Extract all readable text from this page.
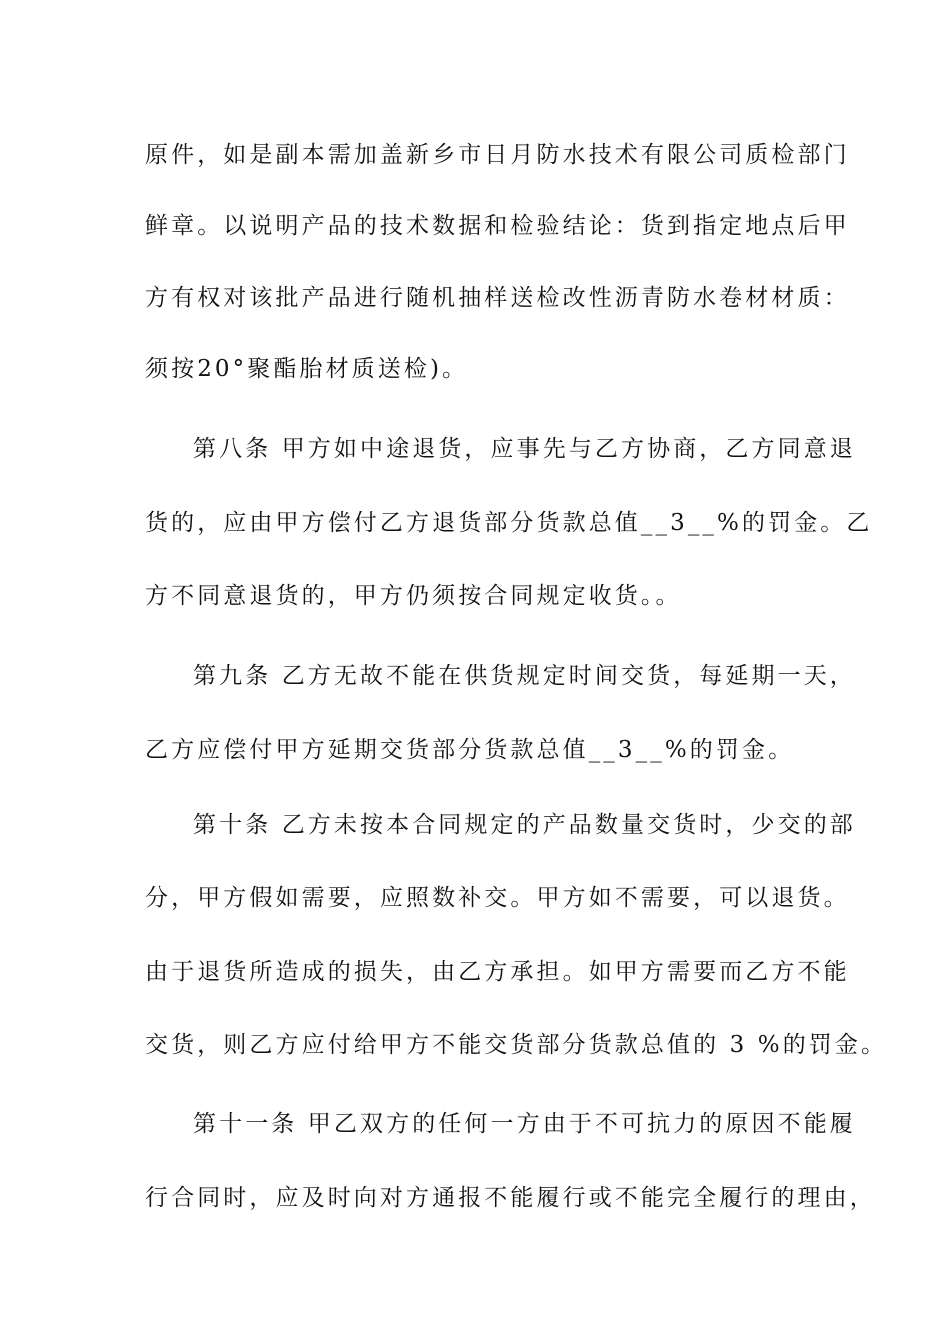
原件，如是副本需加盖新乡市日月防水技术有限公司质检部门
鲜章。以说明产品的技术数据和检验结论：货到指定地点后甲
方有权对该批产品进行随机抽样送检改性沥青防水卷材材质：
须按20°聚酯胎材质送检)。
第八条 甲方如中途退货，应事先与乙方协商，乙方同意退
货的，应由甲方偿付乙方退货部分货款总值__3__%的罚金。乙
方不同意退货的，甲方仍须按合同规定收货。。
第九条 乙方无故不能在供货规定时间交货，每延期一天，
乙方应偿付甲方延期交货部分货款总值__3__%的罚金。
第十条 乙方未按本合同规定的产品数量交货时，少交的部
分，甲方假如需要，应照数补交。甲方如不需要，可以退货。
由于退货所造成的损失，由乙方承担。如甲方需要而乙方不能
交货，则乙方应付给甲方不能交货部分货款总值的 3 %的罚金。
第十一条 甲乙双方的任何一方由于不可抗力的原因不能履
行合同时，应及时向对方通报不能履行或不能完全履行的理由，
